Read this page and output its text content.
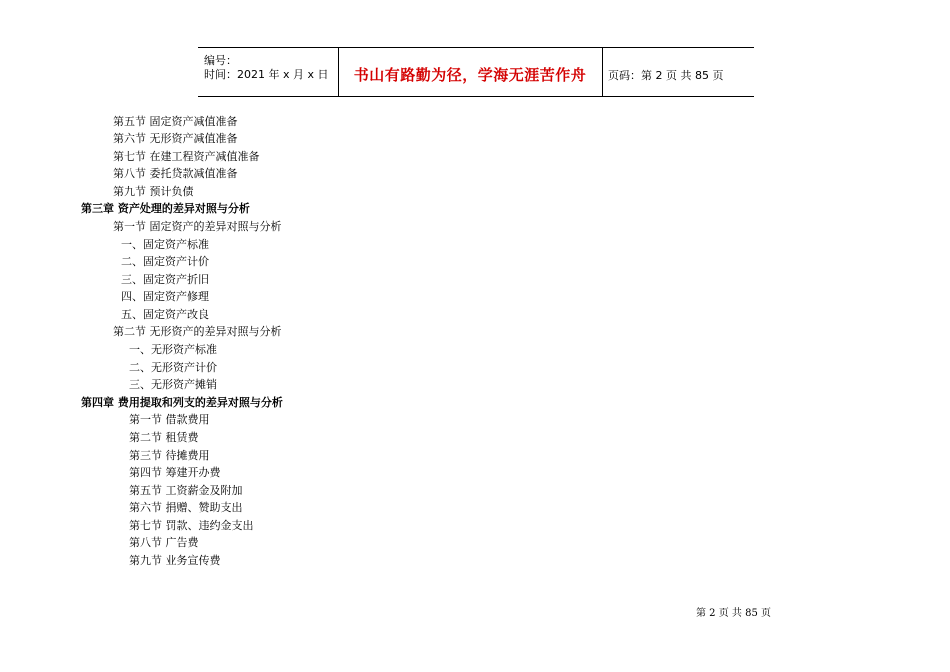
编号：
时间：2021 年 x 月 x 日	书山有路勤为径，学海无涯苦作舟	页码：第 2 页 共 85 页
第五节 固定资产减值准备
第六节 无形资产减值准备
第七节 在建工程资产减值准备
第八节 委托贷款减值准备
第九节 预计负债
第三章 资产处理的差异对照与分析
第一节 固定资产的差异对照与分析
一、固定资产标准
二、固定资产计价
三、固定资产折旧
四、固定资产修理
五、固定资产改良
第二节 无形资产的差异对照与分析
一、无形资产标准
二、无形资产计价
三、无形资产摊销
第四章 费用提取和列支的差异对照与分析
第一节 借款费用
第二节 租赁费
第三节 待摊费用
第四节 筹建开办费
第五节 工资薪金及附加
第六节 捐赠、赞助支出
第七节 罚款、违约金支出
第八节 广告费
第九节 业务宣传费
第 2 页 共 85 页
